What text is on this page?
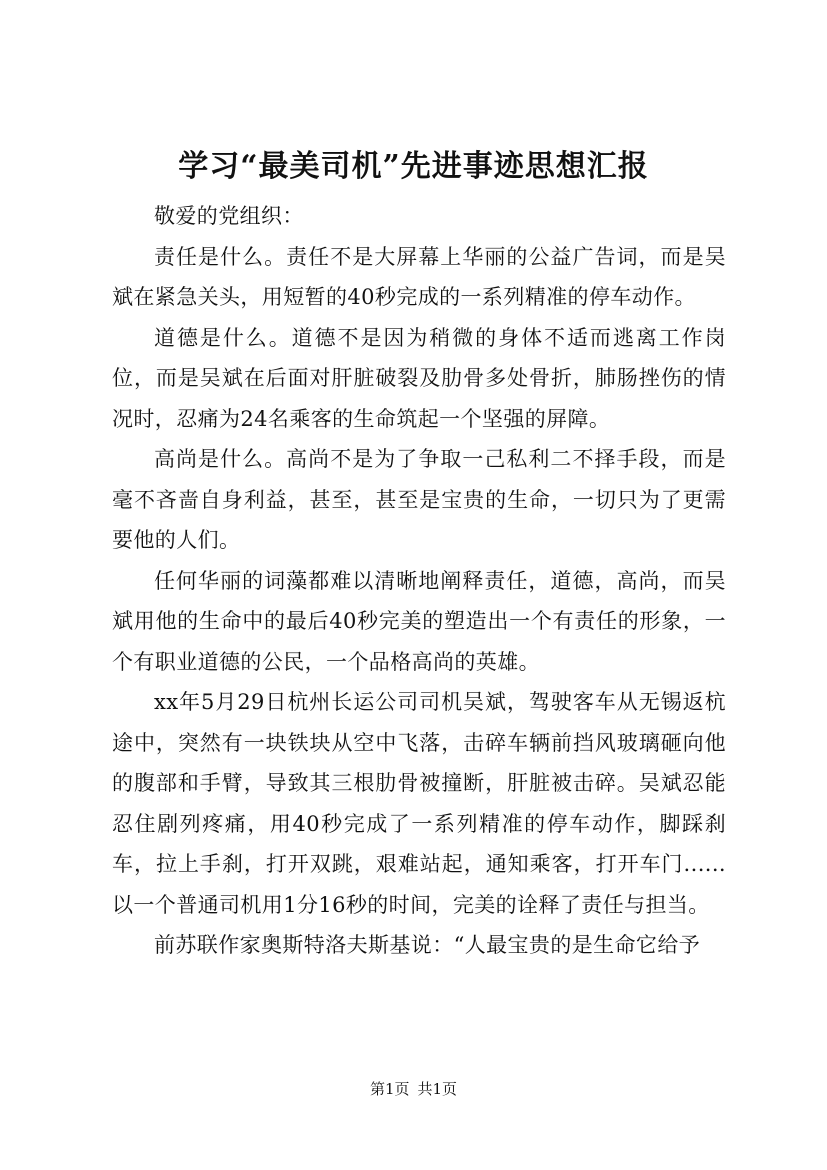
学习“最美司机”先进事迹思想汇报

敬爱的党组织：

责任是什么。责任不是大屏幕上华丽的公益广告词，而是吴斌在紧急关头，用短暂的40秒完成的一系列精准的停车动作。

道德是什么。道德不是因为稍微的身体不适而逃离工作岗位，而是吴斌在后面对肝脏破裂及肋骨多处骨折，肺肠挫伤的情况时，忍痛为24名乘客的生命筑起一个坚强的屏障。

高尚是什么。高尚不是为了争取一己私利二不择手段，而是毫不吝啬自身利益，甚至，甚至是宝贵的生命，一切只为了更需要他的人们。

任何华丽的词藻都难以清晰地阐释责任，道德，高尚，而吴斌用他的生命中的最后40秒完美的塑造出一个有责任的形象，一个有职业道德的公民，一个品格高尚的英雄。

xx年5月29日杭州长运公司司机吴斌，驾驶客车从无锡返杭途中，突然有一块铁块从空中飞落，击碎车辆前挡风玻璃砸向他的腹部和手臂，导致其三根肋骨被撞断，肝脏被击碎。吴斌忍能忍住剧列疼痛，用40秒完成了一系列精准的停车动作，脚踩刹车，拉上手刹，打开双跳，艰难站起，通知乘客，打开车门......以一个普通司机用1分16秒的时间，完美的诠释了责任与担当。

前苏联作家奥斯特洛夫斯基说：“人最宝贵的是生命它给予

第1页 共1页
